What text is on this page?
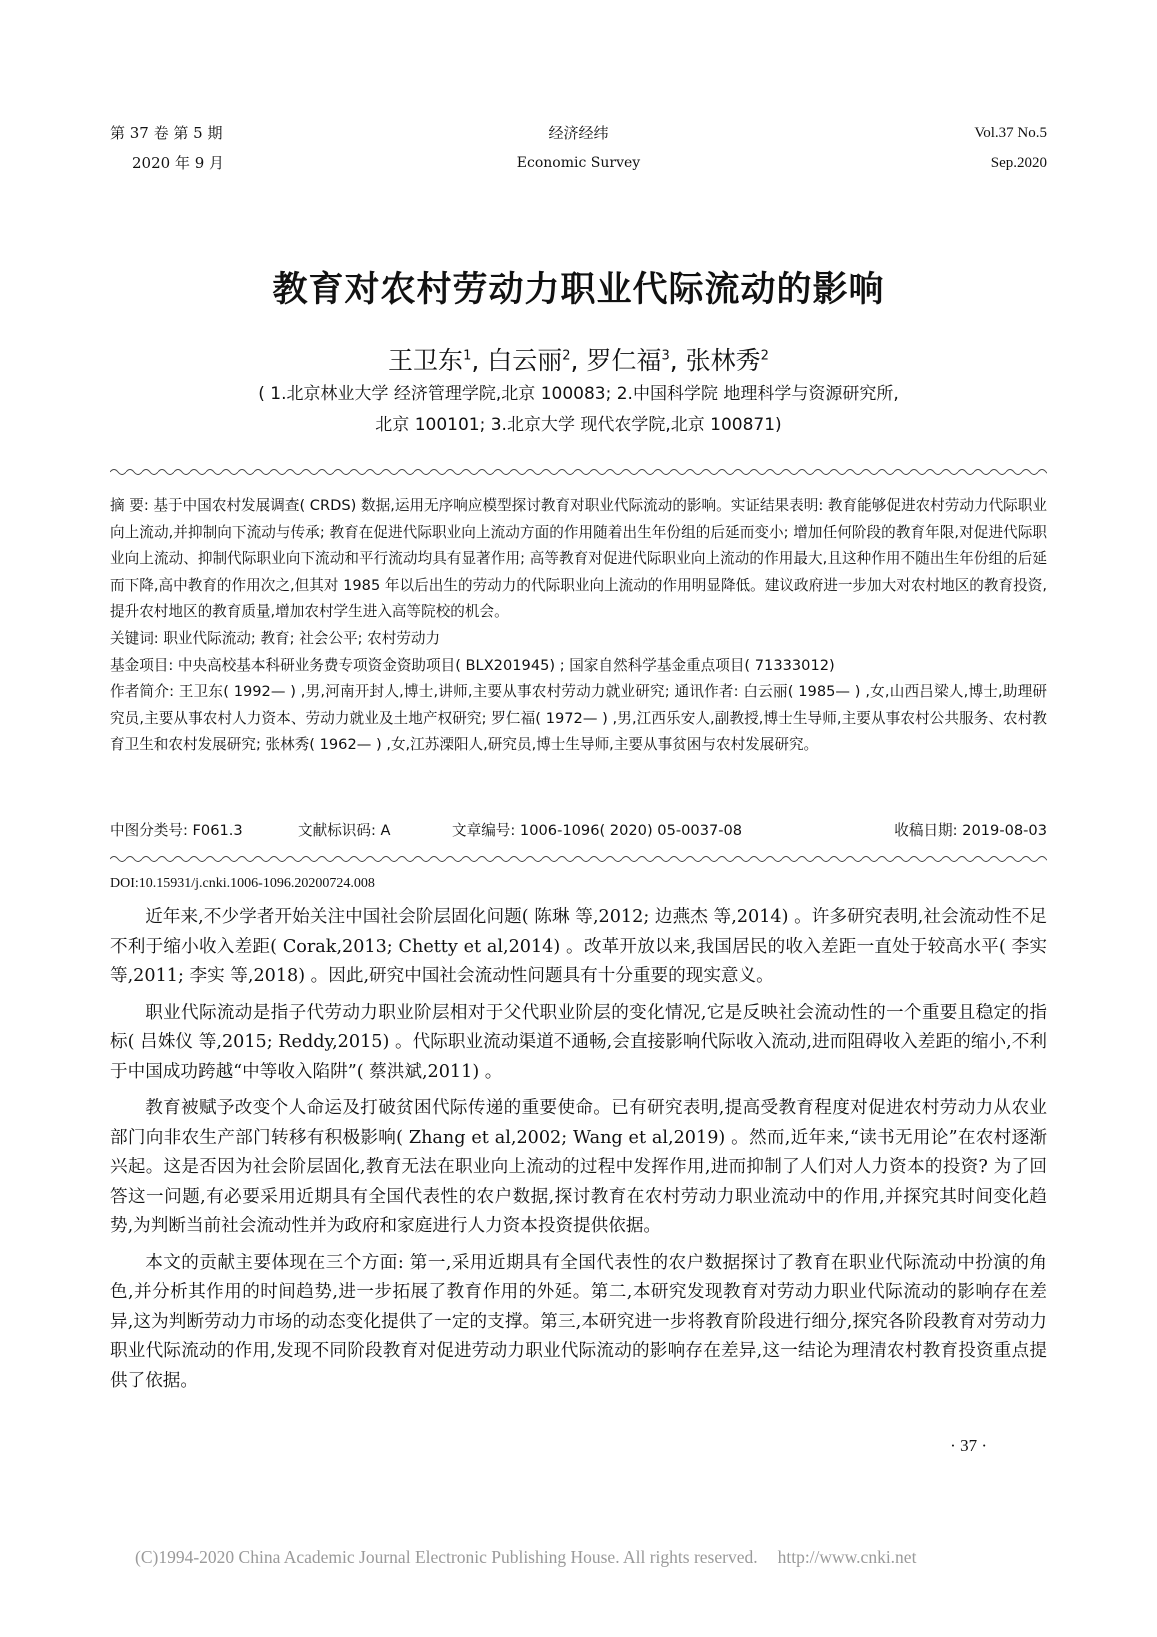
第 37 卷 第 5 期
2020 年 9 月
经济经纬
Economic Survey
Vol.37 No.5
Sep.2020
教育对农村劳动力职业代际流动的影响
王卫东$^1$, 白云丽$^2$, 罗仁福$^3$, 张林秀$^2$
( 1.北京林业大学 经济管理学院,北京 100083; 2.中国科学院 地理科学与资源研究所,
北京 100101; 3.北京大学 现代农学院,北京 100871)

摘 要: 基于中国农村发展调查( CRDS) 数据,运用无序响应模型探讨教育对职业代际流动的影响。实证结果表明: 教育能够促进农村劳动力代际职业向上流动,并抑制向下流动与传承; 教育在促进代际职业向上流动方面的作用随着出生年份组的后延而变小; 增加任何阶段的教育年限,对促进代际职业向上流动、抑制代际职业向下流动和平行流动均具有显著作用; 高等教育对促进代际职业向上流动的作用最大,且这种作用不随出生年份组的后延而下降,高中教育的作用次之,但其对 1985 年以后出生的劳动力的代际职业向上流动的作用明显降低。建议政府进一步加大对农村地区的教育投资,提升农村地区的教育质量,增加农村学生进入高等院校的机会。

关键词: 职业代际流动; 教育; 社会公平; 农村劳动力

基金项目: 中央高校基本科研业务费专项资金资助项目( BLX201945) ; 国家自然科学基金重点项目( 71333012)

作者简介: 王卫东( 1992— ) ,男,河南开封人,博士,讲师,主要从事农村劳动力就业研究; 通讯作者: 白云丽( 1985— ) ,女,山西吕梁人,博士,助理研究员,主要从事农村人力资本、劳动力就业及土地产权研究; 罗仁福( 1972— ) ,男,江西乐安人,副教授,博士生导师,主要从事农村公共服务、农村教育卫生和农村发展研究; 张林秀( 1962— ) ,女,江苏溧阳人,研究员,博士生导师,主要从事贫困与农村发展研究。

中图分类号: F061.3	文献标识码: A	文章编号: 1006-1096( 2020) 05-0037-08	收稿日期: 2019-08-03
DOI:10.15931/j.cnki.1006-1096.20200724.008

近年来,不少学者开始关注中国社会阶层固化问题( 陈琳 等,2012; 边燕杰 等,2014) 。许多研究表明,社会流动性不足不利于缩小收入差距( Corak,2013; Chetty et al,2014) 。改革开放以来,我国居民的收入差距一直处于较高水平( 李实 等,2011; 李实 等,2018) 。因此,研究中国社会流动性问题具有十分重要的现实意义。

职业代际流动是指子代劳动力职业阶层相对于父代职业阶层的变化情况,它是反映社会流动性的一个重要且稳定的指标( 吕姝仪 等,2015; Reddy,2015) 。代际职业流动渠道不通畅,会直接影响代际收入流动,进而阻碍收入差距的缩小,不利于中国成功跨越“中等收入陷阱”( 蔡洪斌,2011) 。

教育被赋予改变个人命运及打破贫困代际传递的重要使命。已有研究表明,提高受教育程度对促进农村劳动力从农业部门向非农生产部门转移有积极影响( Zhang et al,2002; Wang et al,2019) 。然而,近年来,“读书无用论”在农村逐渐兴起。这是否因为社会阶层固化,教育无法在职业向上流动的过程中发挥作用,进而抑制了人们对人力资本的投资? 为了回答这一问题,有必要采用近期具有全国代表性的农户数据,探讨教育在农村劳动力职业流动中的作用,并探究其时间变化趋势,为判断当前社会流动性并为政府和家庭进行人力资本投资提供依据。

本文的贡献主要体现在三个方面: 第一,采用近期具有全国代表性的农户数据探讨了教育在职业代际流动中扮演的角色,并分析其作用的时间趋势,进一步拓展了教育作用的外延。第二,本研究发现教育对劳动力职业代际流动的影响存在差异,这为判断劳动力市场的动态变化提供了一定的支撑。第三,本研究进一步将教育阶段进行细分,探究各阶段教育对劳动力职业代际流动的作用,发现不同阶段教育对促进劳动力职业代际流动的影响存在差异,这一结论为理清农村教育投资重点提供了依据。

· 37 ·
(C)1994-2020 China Academic Journal Electronic Publishing House. All rights reserved. http://www.cnki.net
